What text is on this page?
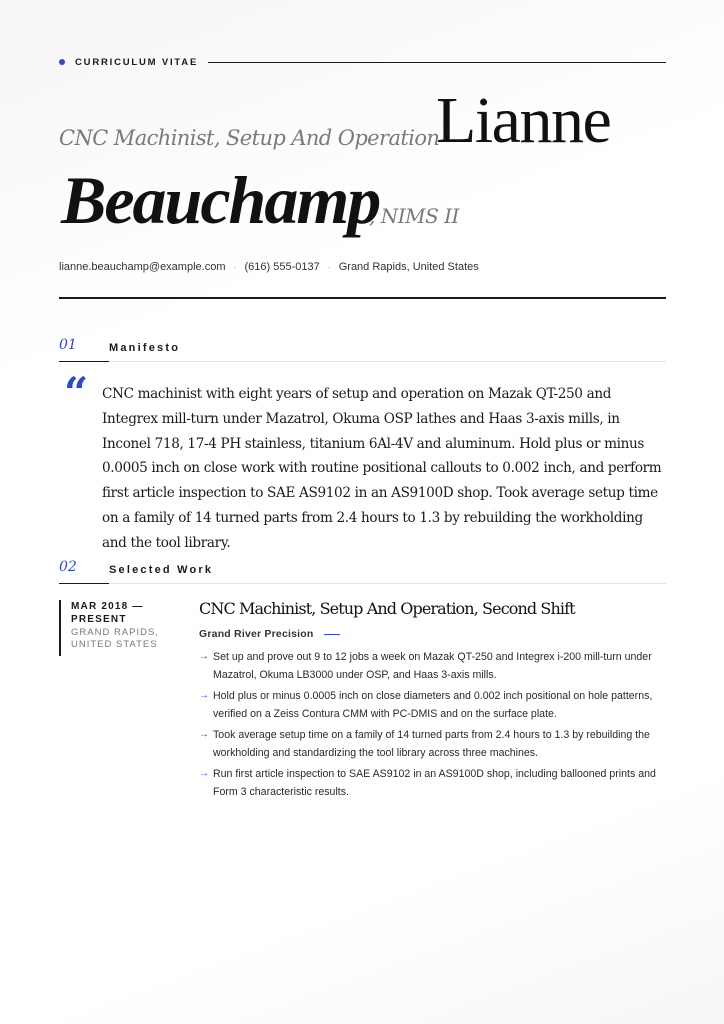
CURRICULUM VITAE
CNC Machinist, Setup And Operation
Lianne
Beauchamp
, NIMS II
lianne.beauchamp@example.com · (616) 555-0137 · Grand Rapids, United States
01	Manifesto
“ CNC machinist with eight years of setup and operation on Mazak QT-250 and Integrex mill-turn under Mazatrol, Okuma OSP lathes and Haas 3-axis mills, in Inconel 718, 17-4 PH stainless, titanium 6Al-4V and aluminum. Hold plus or minus 0.0005 inch on close work with routine positional callouts to 0.002 inch, and perform first article inspection to SAE AS9102 in an AS9100D shop. Took average setup time on a family of 14 turned parts from 2.4 hours to 1.3 by rebuilding the workholding and the tool library.

02	Selected Work
MAR 2018 — PRESENT
GRAND RAPIDS, UNITED STATES
CNC Machinist, Setup And Operation, Second Shift
Grand River Precision
→ Set up and prove out 9 to 12 jobs a week on Mazak QT-250 and Integrex i-200 mill-turn under Mazatrol, Okuma LB3000 under OSP, and Haas 3-axis mills.
→ Hold plus or minus 0.0005 inch on close diameters and 0.002 inch positional on hole patterns, verified on a Zeiss Contura CMM with PC-DMIS and on the surface plate.
→ Took average setup time on a family of 14 turned parts from 2.4 hours to 1.3 by rebuilding the workholding and standardizing the tool library across three machines.
→ Run first article inspection to SAE AS9102 in an AS9100D shop, including ballooned prints and Form 3 characteristic results.
